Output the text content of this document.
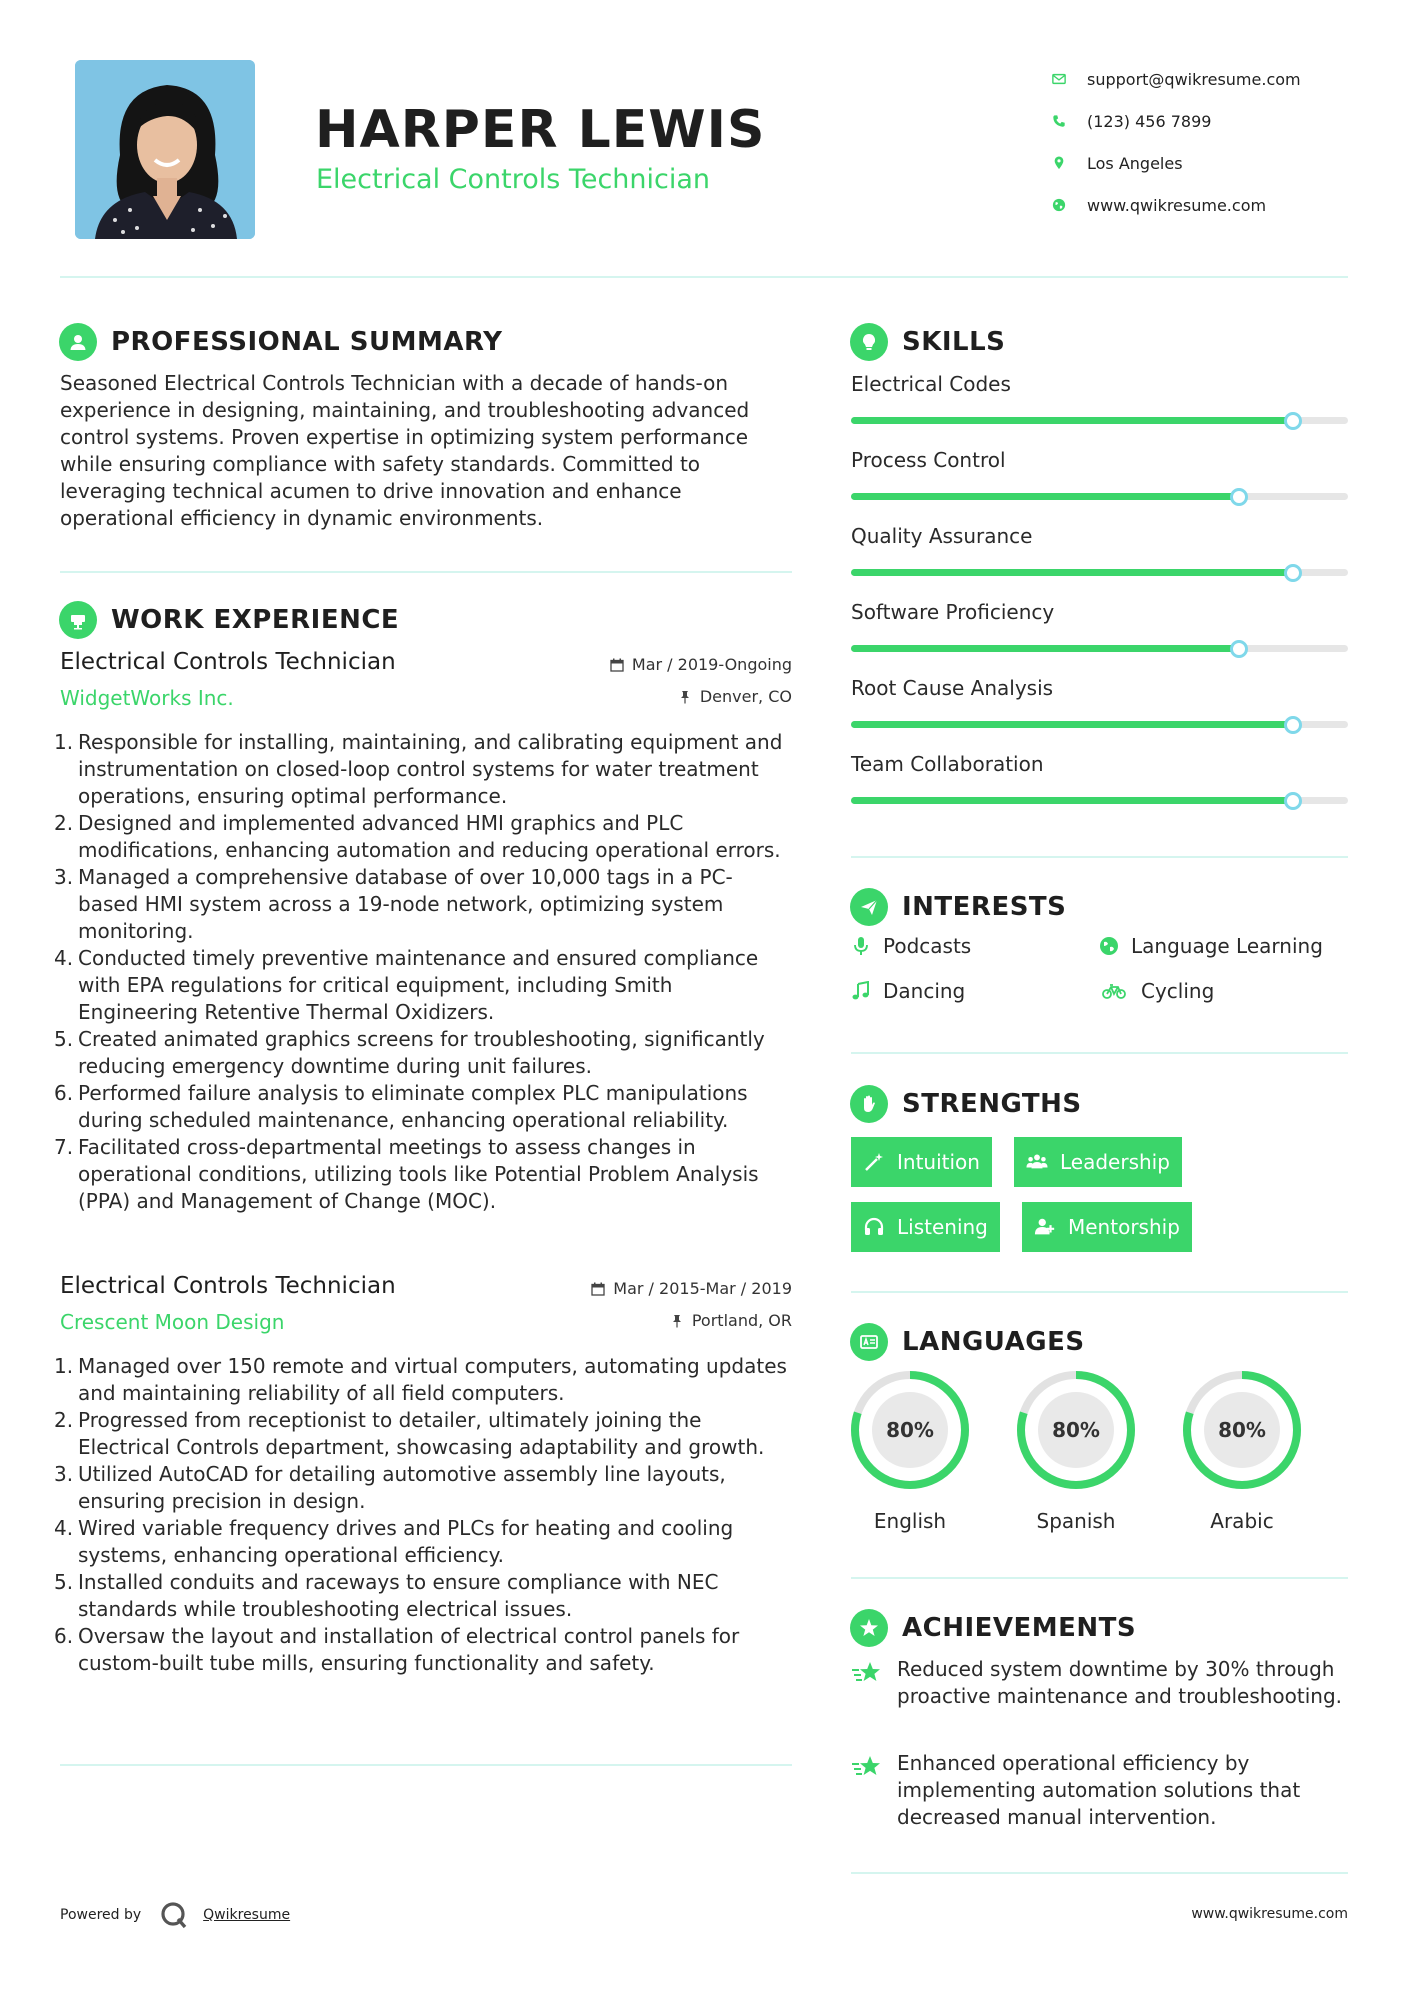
HARPER LEWIS
Electrical Controls Technician
support@qwikresume.com
(123) 456 7899
Los Angeles
www.qwikresume.com
PROFESSIONAL SUMMARY

Seasoned Electrical Controls Technician with a decade of hands-on experience in designing, maintaining, and troubleshooting advanced control systems. Proven expertise in optimizing system performance while ensuring compliance with safety standards. Committed to leveraging technical acumen to drive innovation and enhance operational efficiency in dynamic environments.

WORK EXPERIENCE
Electrical Controls Technician
WidgetWorks Inc.
Mar / 2019-Ongoing
Denver, CO
1. Responsible for installing, maintaining, and calibrating equipment and instrumentation on closed-loop control systems for water treatment operations, ensuring optimal performance.
2. Designed and implemented advanced HMI graphics and PLC modifications, enhancing automation and reducing operational errors.
3. Managed a comprehensive database of over 10,000 tags in a PC-based HMI system across a 19-node network, optimizing system monitoring.
4. Conducted timely preventive maintenance and ensured compliance with EPA regulations for critical equipment, including Smith Engineering Retentive Thermal Oxidizers.
5. Created animated graphics screens for troubleshooting, significantly reducing emergency downtime during unit failures.
6. Performed failure analysis to eliminate complex PLC manipulations during scheduled maintenance, enhancing operational reliability.
7. Facilitated cross-departmental meetings to assess changes in operational conditions, utilizing tools like Potential Problem Analysis (PPA) and Management of Change (MOC).
Electrical Controls Technician
Crescent Moon Design
Mar / 2015-Mar / 2019
Portland, OR
1. Managed over 150 remote and virtual computers, automating updates and maintaining reliability of all field computers.
2. Progressed from receptionist to detailer, ultimately joining the Electrical Controls department, showcasing adaptability and growth.
3. Utilized AutoCAD for detailing automotive assembly line layouts, ensuring precision in design.
4. Wired variable frequency drives and PLCs for heating and cooling systems, enhancing operational efficiency.
5. Installed conduits and raceways to ensure compliance with NEC standards while troubleshooting electrical issues.
6. Oversaw the layout and installation of electrical control panels for custom-built tube mills, ensuring functionality and safety.
SKILLS
Electrical Codes
Process Control
Quality Assurance
Software Proficiency
Root Cause Analysis
Team Collaboration
INTERESTS
Podcasts	Language Learning
Dancing	Cycling
STRENGTHS
Intuition	Leadership
Listening	Mentorship
LANGUAGES
80%
English
80%
Spanish
80%
Arabic
ACHIEVEMENTS
Reduced system downtime by 30% through proactive maintenance and troubleshooting.
Enhanced operational efficiency by implementing automation solutions that decreased manual intervention.
Powered by	Qwikresume	www.qwikresume.com
